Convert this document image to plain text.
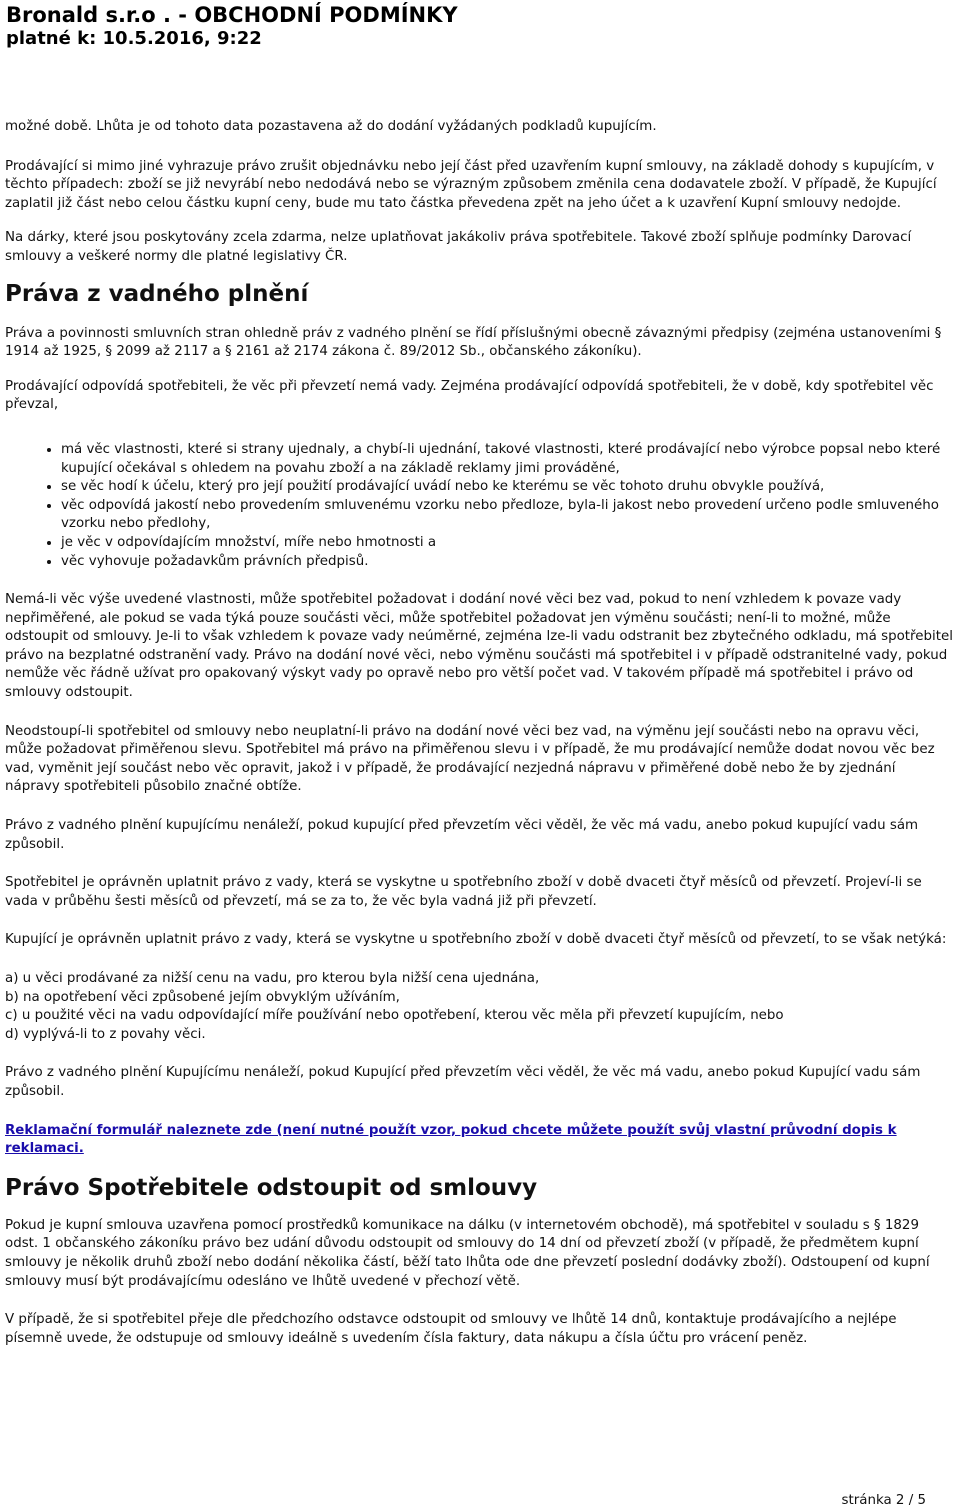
Bronald s.r.o . - OBCHODNÍ PODMÍNKY
platné k: 10.5.2016, 9:22

možné době. Lhůta je od tohoto data pozastavena až do dodání vyžádaných podkladů kupujícím.

Prodávající si mimo jiné vyhrazuje právo zrušit objednávku nebo její část před uzavřením kupní smlouvy, na základě dohody s kupujícím, v těchto případech: zboží se již nevyrábí nebo nedodává nebo se výrazným způsobem změnila cena dodavatele zboží. V případě, že Kupující zaplatil již část nebo celou částku kupní ceny, bude mu tato částka převedena zpět na jeho účet a k uzavření Kupní smlouvy nedojde.

Na dárky, které jsou poskytovány zcela zdarma, nelze uplatňovat jakákoliv práva spotřebitele. Takové zboží splňuje podmínky Darovací smlouvy a veškeré normy dle platné legislativy ČR.

Práva z vadného plnění

Práva a povinnosti smluvních stran ohledně práv z vadného plnění se řídí příslušnými obecně závaznými předpisy (zejména ustanoveními § 1914 až 1925, § 2099 až 2117 a § 2161 až 2174 zákona č. 89/2012 Sb., občanského zákoníku).

Prodávající odpovídá spotřebiteli, že věc při převzetí nemá vady. Zejména prodávající odpovídá spotřebiteli, že v době, kdy spotřebitel věc převzal,

• má věc vlastnosti, které si strany ujednaly, a chybí-li ujednání, takové vlastnosti, které prodávající nebo výrobce popsal nebo které kupující očekával s ohledem na povahu zboží a na základě reklamy jimi prováděné,
• se věc hodí k účelu, který pro její použití prodávající uvádí nebo ke kterému se věc tohoto druhu obvykle používá,
• věc odpovídá jakostí nebo provedením smluvenému vzorku nebo předloze, byla-li jakost nebo provedení určeno podle smluveného vzorku nebo předlohy,
• je věc v odpovídajícím množství, míře nebo hmotnosti a
• věc vyhovuje požadavkům právních předpisů.

Nemá-li věc výše uvedené vlastnosti, může spotřebitel požadovat i dodání nové věci bez vad, pokud to není vzhledem k povaze vady nepřiměřené, ale pokud se vada týká pouze součásti věci, může spotřebitel požadovat jen výměnu součásti; není-li to možné, může odstoupit od smlouvy. Je-li to však vzhledem k povaze vady neúměrné, zejména lze-li vadu odstranit bez zbytečného odkladu, má spotřebitel právo na bezplatné odstranění vady. Právo na dodání nové věci, nebo výměnu součásti má spotřebitel i v případě odstranitelné vady, pokud nemůže věc řádně užívat pro opakovaný výskyt vady po opravě nebo pro větší počet vad. V takovém případě má spotřebitel i právo od smlouvy odstoupit.

Neodstoupí-li spotřebitel od smlouvy nebo neuplatní-li právo na dodání nové věci bez vad, na výměnu její součásti nebo na opravu věci, může požadovat přiměřenou slevu. Spotřebitel má právo na přiměřenou slevu i v případě, že mu prodávající nemůže dodat novou věc bez vad, vyměnit její součást nebo věc opravit, jakož i v případě, že prodávající nezjedná nápravu v přiměřené době nebo že by zjednání nápravy spotřebiteli působilo značné obtíže.

Právo z vadného plnění kupujícímu nenáleží, pokud kupující před převzetím věci věděl, že věc má vadu, anebo pokud kupující vadu sám způsobil.

Spotřebitel je oprávněn uplatnit právo z vady, která se vyskytne u spotřebního zboží v době dvaceti čtyř měsíců od převzetí. Projeví-li se vada v průběhu šesti měsíců od převzetí, má se za to, že věc byla vadná již při převzetí.

Kupující je oprávněn uplatnit právo z vady, která se vyskytne u spotřebního zboží v době dvaceti čtyř měsíců od převzetí, to se však netýká:

a) u věci prodávané za nižší cenu na vadu, pro kterou byla nižší cena ujednána,
b) na opotřebení věci způsobené jejím obvyklým užíváním,
c) u použité věci na vadu odpovídající míře používání nebo opotřebení, kterou věc měla při převzetí kupujícím, nebo
d) vyplývá-li to z povahy věci.

Právo z vadného plnění Kupujícímu nenáleží, pokud Kupující před převzetím věci věděl, že věc má vadu, anebo pokud Kupující vadu sám způsobil.

Reklamační formulář naleznete zde (není nutné použít vzor, pokud chcete můžete použít svůj vlastní průvodní dopis k reklamaci.

Právo Spotřebitele odstoupit od smlouvy

Pokud je kupní smlouva uzavřena pomocí prostředků komunikace na dálku (v internetovém obchodě), má spotřebitel v souladu s § 1829 odst. 1 občanského zákoníku právo bez udání důvodu odstoupit od smlouvy do 14 dní od převzetí zboží (v případě, že předmětem kupní smlouvy je několik druhů zboží nebo dodání několika částí, běží tato lhůta ode dne převzetí poslední dodávky zboží). Odstoupení od kupní smlouvy musí být prodávajícímu odesláno ve lhůtě uvedené v přechozí větě.

V případě, že si spotřebitel přeje dle předchozího odstavce odstoupit od smlouvy ve lhůtě 14 dnů, kontaktuje prodávajícího a nejlépe písemně uvede, že odstupuje od smlouvy ideálně s uvedením čísla faktury, data nákupu a čísla účtu pro vrácení peněz.

stránka 2 / 5
